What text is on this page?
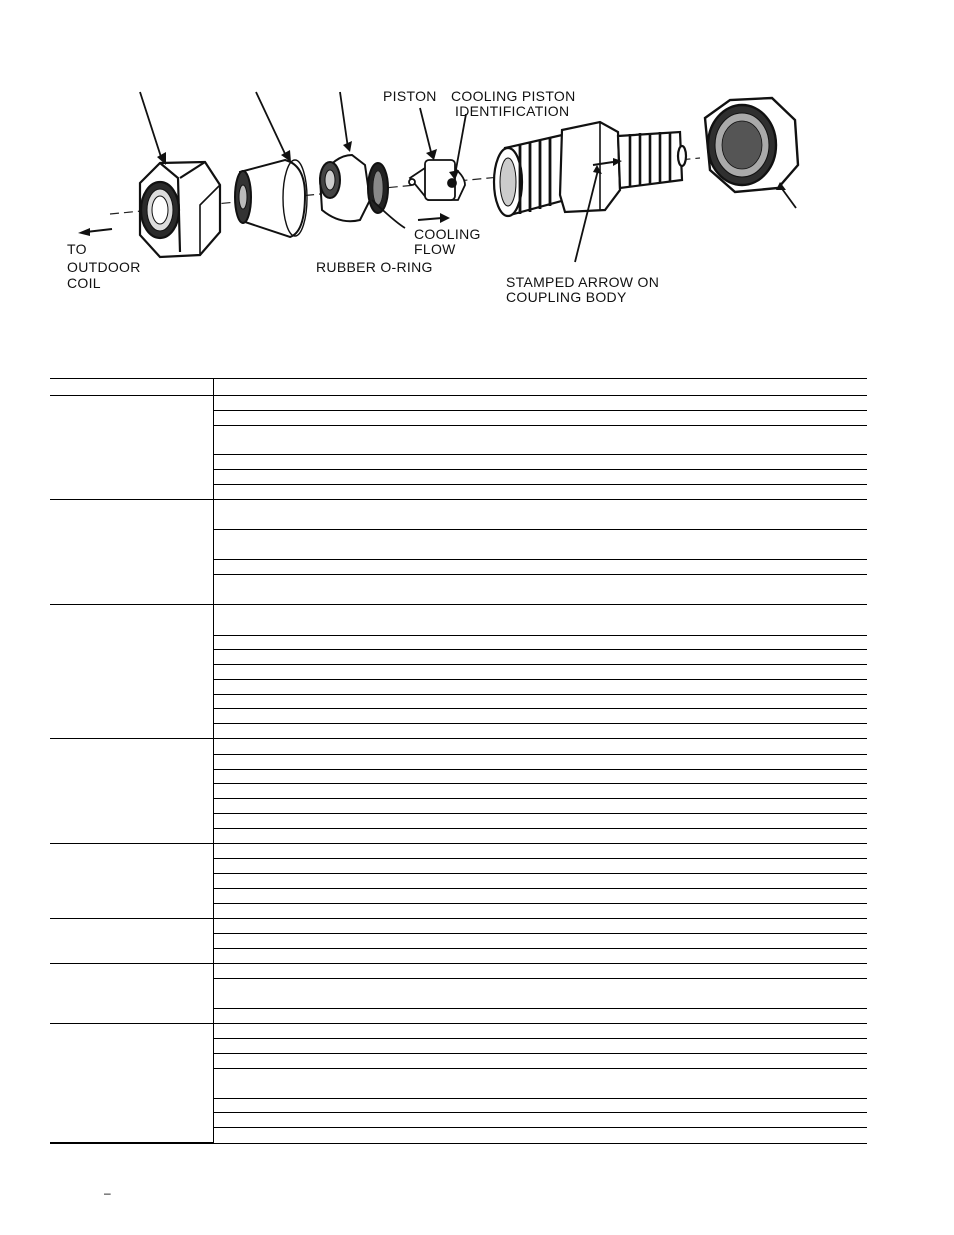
PISTON COOLING PISTON
IDENTIFICATION
TO
OUTDOOR
COIL
COOLING
FLOW
RUBBER O-RING
STAMPED ARROW ON
COUPLING BODY

–
